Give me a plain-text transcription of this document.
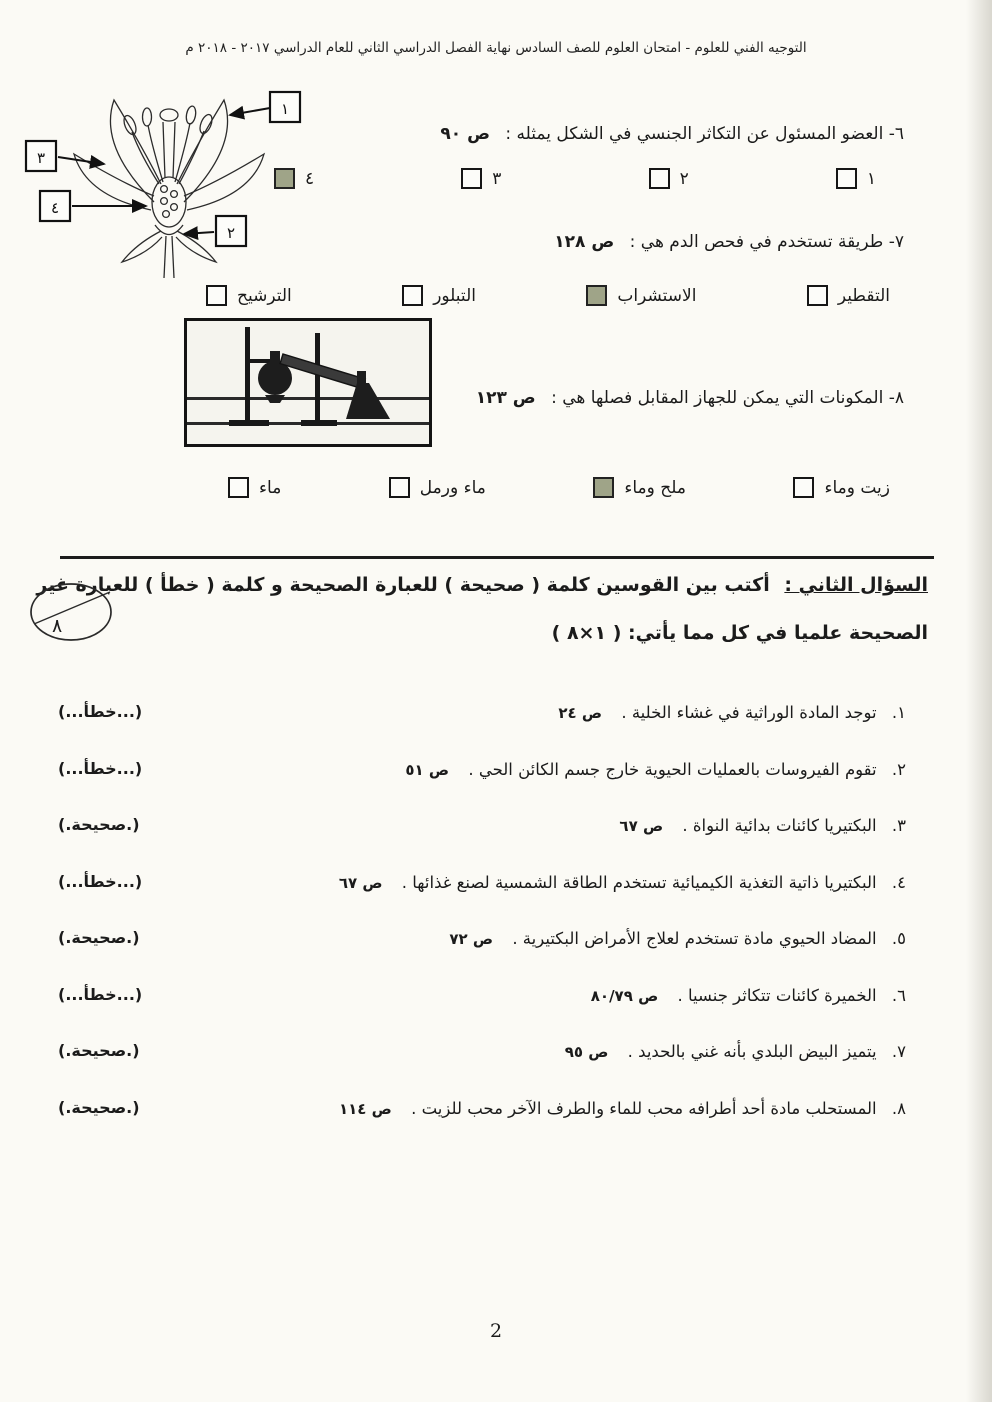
التوجيه الفني للعلوم - امتحان العلوم للصف السادس نهاية الفصل الدراسي الثاني للعام الدراسي ٢٠١٧ - ٢٠١٨ م
٦- العضو المسئول عن التكاثر الجنسي في الشكل يمثله : ص ٩٠
١
٢
٣
٤
١
٢
٣
٤
٧- طريقة تستخدم في فحص الدم هي : ص ١٢٨
التقطير
الاستشراب
التبلور
الترشيح
٨- المكونات التي يمكن للجهاز المقابل فصلها هي : ص ١٢٣
زيت وماء
ملح وماء
ماء ورمل
ماء
السؤال الثاني : أكتب بين القوسين كلمة ( صحيحة ) للعبارة الصحيحة و كلمة ( خطأ ) للعبارة غير
الصحيحة علميا في كل مما يأتي: ( ١×٨ )
٨
١. توجد المادة الوراثية في غشاء الخلية . ص ٢٤
(...خطأ...)
٢. تقوم الفيروسات بالعمليات الحيوية خارج جسم الكائن الحي . ص ٥١
(...خطأ...)
٣. البكتيريا كائنات بدائية النواة . ص ٦٧
(.صحيحة.)
٤. البكتيريا ذاتية التغذية الكيميائية تستخدم الطاقة الشمسية لصنع غذائها . ص ٦٧
(...خطأ...)
٥. المضاد الحيوي مادة تستخدم لعلاج الأمراض البكتيرية . ص ٧٢
(.صحيحة.)
٦. الخميرة كائنات تتكاثر جنسيا . ص ٨٠/٧٩
(...خطأ...)
٧. يتميز البيض البلدي بأنه غني بالحديد . ص ٩٥
(.صحيحة.)
٨. المستحلب مادة أحد أطرافه محب للماء والطرف الآخر محب للزيت . ص ١١٤
(.صحيحة.)
2
